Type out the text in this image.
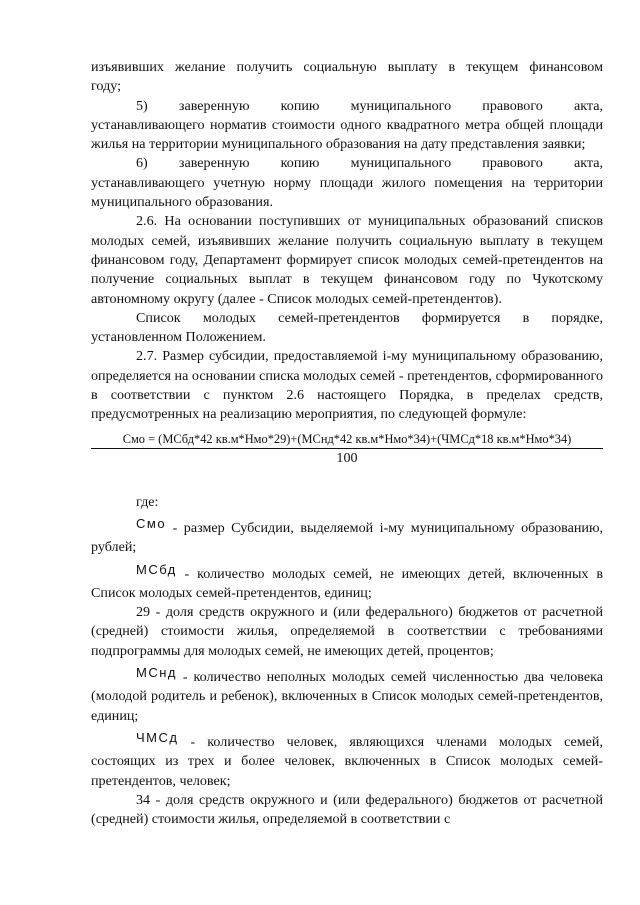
изъявивших желание получить социальную выплату в текущем финансовом

году;

5)      заверенную      копию      муниципального      правового      акта,

устанавливающего норматив стоимости одного квадратного метра общей площади жилья на территории муниципального образования на дату представления заявки;

6)      заверенную      копию      муниципального      правового      акта,

устанавливающего учетную норму площади жилого помещения на территории муниципального образования.

2.6. На основании поступивших от муниципальных образований списков молодых семей, изъявивших желание получить социальную выплату в текущем финансовом году, Департамент формирует список молодых семей-претендентов на получение социальных выплат в текущем финансовом году по Чукотскому автономному округу (далее - Список молодых семей-претендентов).

Список молодых семей-претендентов формируется в порядке, установленном Положением.

2.7. Размер субсидии, предоставляемой i-му муниципальному образованию, определяется на основании списка молодых семей - претендентов, сформированного в соответствии с пунктом 2.6 настоящего Порядка, в пределах средств, предусмотренных на реализацию мероприятия, по следующей формуле:

Смо = (МСбд*42 кв.м*Нмо*29)+(МСнд*42 кв.м*Нмо*34)+(ЧМСд*18 кв.м*Нмо*34)
100

где:

Смо - размер Субсидии, выделяемой i-му муниципальному образованию, рублей;

МСбд - количество молодых семей, не имеющих детей, включенных в Список молодых семей-претендентов, единиц;

29 - доля средств окружного и (или федерального) бюджетов от расчетной (средней) стоимости жилья, определяемой в соответствии с требованиями подпрограммы для молодых семей, не имеющих детей, процентов;

МСнд - количество неполных молодых семей численностью два человека (молодой родитель и ребенок), включенных в Список молодых семей-претендентов, единиц;

ЧМСд - количество человек, являющихся членами молодых семей, состоящих из трех и более человек, включенных в Список молодых семей-претендентов, человек;

34 - доля средств окружного и (или федерального) бюджетов от расчетной (средней) стоимости жилья, определяемой в соответствии с
